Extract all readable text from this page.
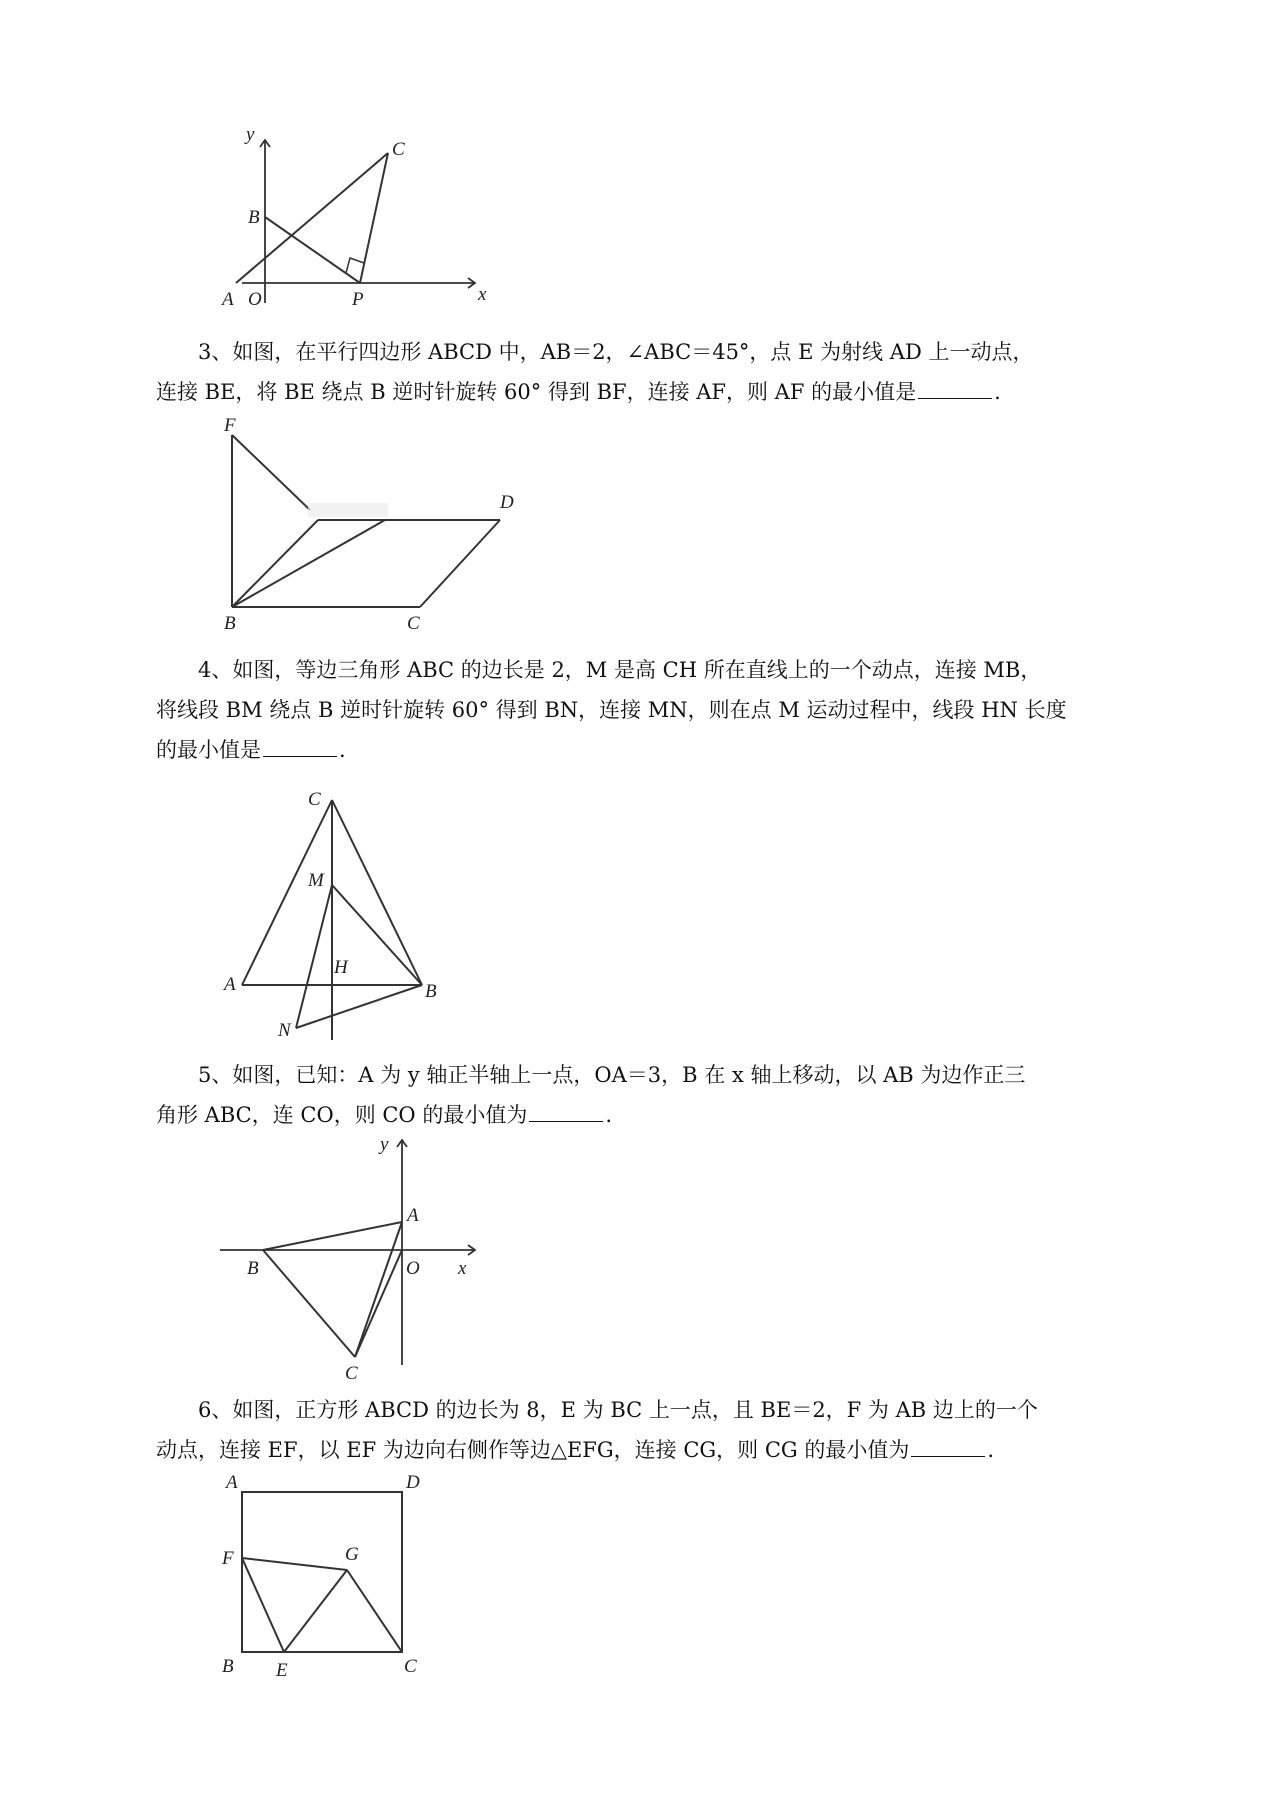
y
x
A O
B
C
P

3、如图，在平行四边形 ABCD 中，AB＝2，∠ABC＝45°，点 E 为射线 AD 上一动点，

连接 BE，将 BE 绕点 B 逆时针旋转 60° 得到 BF，连接 AF，则 AF 的最小值是	.

F
D
B	C

4、如图，等边三角形 ABC 的边长是 2，M 是高 CH 所在直线上的一个动点，连接 MB，

将线段 BM 绕点 B 逆时针旋转 60° 得到 BN，连接 MN，则在点 M 运动过程中，线段 HN 长度

的最小值是	.

C
M
H
A	B
N

5、如图，已知：A 为 y 轴正半轴上一点，OA＝3，B 在 x 轴上移动，以 AB 为边作正三

角形 ABC，连 CO，则 CO 的最小值为	.

y
A
B	O x
C

6、如图，正方形 ABCD 的边长为 8，E 为 BC 上一点，且 BE＝2，F 为 AB 边上的一个

动点，连接 EF，以 EF 为边向右侧作等边△EFG，连接 CG，则 CG 的最小值为	.

A	D
F	G
B E	C
